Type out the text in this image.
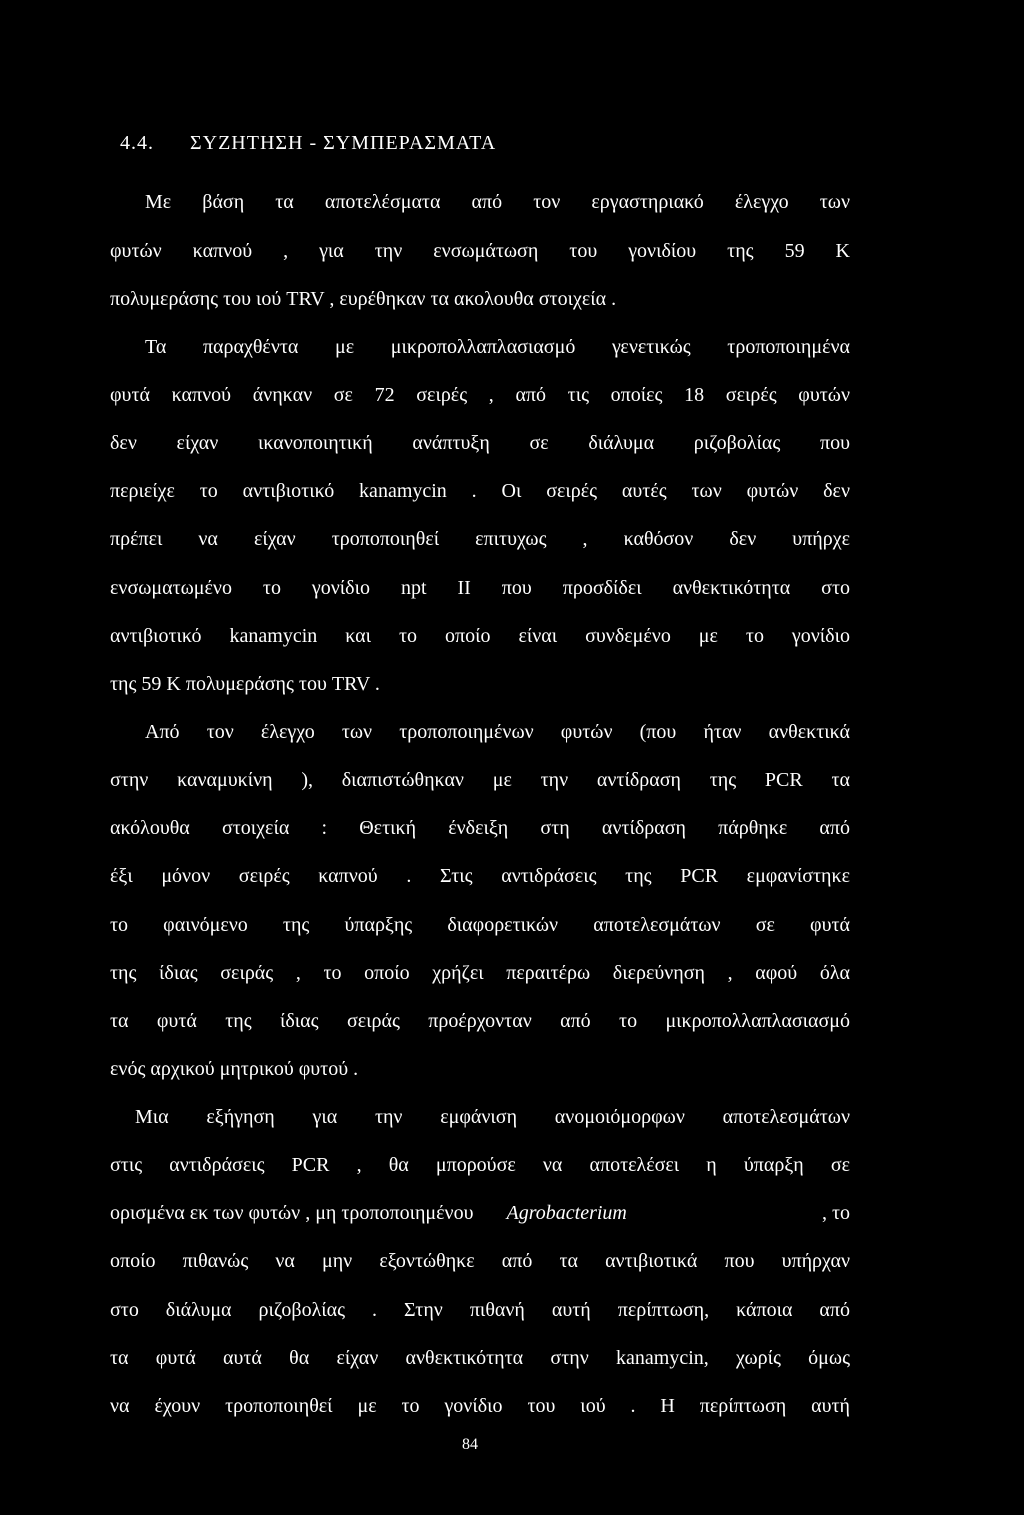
4.4. ΣΥΖΗΤΗΣΗ - ΣΥΜΠΕΡΑΣΜΑΤΑ
Με βάση τα αποτελέσματα από τον εργαστηριακό έλεγχο των
φυτών καπνού , για την ενσωμάτωση του γονιδίου της 59 Κ
πολυμεράσης του ιού TRV , ευρέθηκαν τα ακολουθα στοιχεία .
Τα παραχθέντα με μικροπολλαπλασιασμό γενετικώς τροποποιημένα
φυτά καπνού άνηκαν σε 72 σειρές , από τις οποίες 18 σειρές φυτών
δεν είχαν ικανοποιητική ανάπτυξη σε διάλυμα ριζοβολίας που
περιείχε το αντιβιοτικό kanamycin . Οι σειρές αυτές των φυτών δεν
πρέπει να είχαν τροποποιηθεί επιτυχως , καθόσον δεν υπήρχε
ενσωματωμένο το γονίδιο npt II που προσδίδει ανθεκτικότητα στο
αντιβιοτικό kanamycin και το οποίο είναι συνδεμένο με το γονίδιο
της 59 Κ πολυμεράσης του TRV .
Από τον έλεγχο των τροποποιημένων φυτών (που ήταν ανθεκτικά
στην καναμυκίνη ), διαπιστώθηκαν με την αντίδραση της PCR τα
ακόλουθα στοιχεία : Θετική ένδειξη στη αντίδραση πάρθηκε από
έξι μόνον σειρές καπνού . Στις αντιδράσεις της PCR εμφανίστηκε
το φαινόμενο της ύπαρξης διαφορετικών αποτελεσμάτων σε φυτά
της ίδιας σειράς , το οποίο χρήζει περαιτέρω διερεύνηση , αφού όλα
τα φυτά της ίδιας σειράς προέρχονταν από το μικροπολλαπλασιασμό
ενός αρχικού μητρικού φυτού .
Μια εξήγηση για την εμφάνιση ανομοιόμορφων αποτελεσμάτων
στις αντιδράσεις PCR , θα μπορούσε να αποτελέσει η ύπαρξη σε
ορισμένα εκ των φυτών , μη τροποποιημένου Agrobacterium	, το
οποίο πιθανώς να μην εξοντώθηκε από τα αντιβιοτικά που υπήρχαν
στο διάλυμα ριζοβολίας . Στην πιθανή αυτή περίπτωση, κάποια από
τα φυτά αυτά θα είχαν ανθεκτικότητα στην kanamycin, χωρίς όμως
να έχουν τροποποιηθεί με το γονίδιο του ιού . Η περίπτωση αυτή
84
